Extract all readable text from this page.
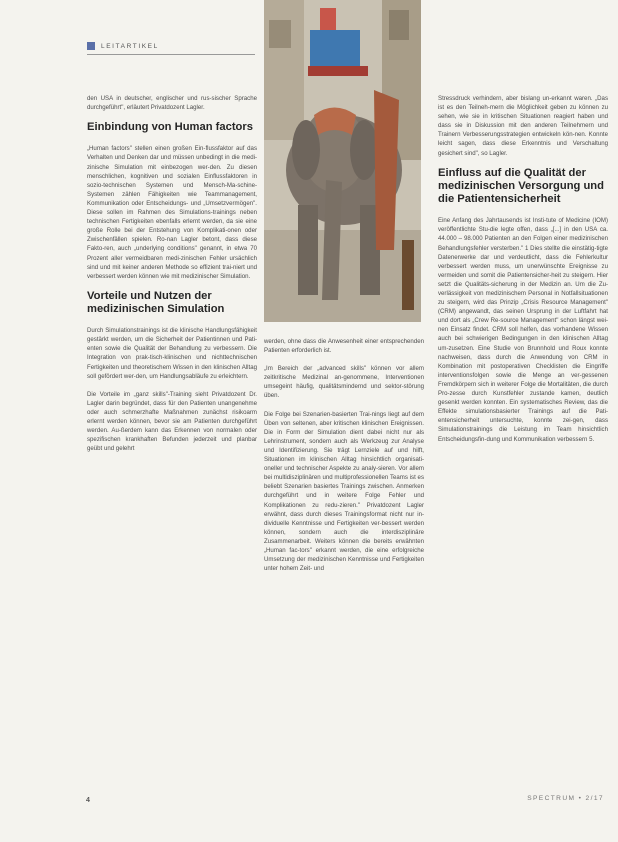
LEITARTIKEL

den USA in deutscher, englischer und rus-sischer Sprache durchgeführt", erläutert Privatdozent Lagler.

Einbindung von Human factors

„Human factors" stellen einen großen Ein-flussfaktor auf das Verhalten und Denken dar und müssen unbedingt in die medi-zinische Simulation mit einbezogen wer-den. Zu diesen menschlichen, kognitiven und sozialen Einflussfaktoren in sozio-technischen Systemen und Mensch-Ma-schine-Systemen zählen Fähigkeiten wie Teammanagement, Kommunikation oder Entscheidungs- und „Umsetzvermögen". Diese sollen im Rahmen des Simulations-trainings neben technischen Fertigkeiten ebenfalls erlernt werden, da sie eine große Rolle bei der Entstehung von Komplikati-onen oder Zwischenfällen spielen. Ro-nan Lagler betont, dass diese Fakto-ren, auch „underlying conditions" genannt, in etwa 70 Prozent aller vermeidbaren medi-zinischen Fehler ursächlich sind und mit keiner anderen Methode so effizient trai-niert und verbessert werden können wie mit medizinischer Simulation.

Vorteile und Nutzen der medizinischen Simulation

Durch Simulationstrainings ist die klinische Handlungsfähigkeit gestärkt werden, um die Sicherheit der Patientinnen und Pati-enten sowie die Qualität der Behandlung zu verbessern. Die Integration von prak-tisch-klinischen und nichttechnischen Fertigkeiten und theoretischem Wissen in den klinischen Alltag soll gefördert wer-den, um Handlungsabläufe zu erleichtern.

Die Vorteile im „ganz skills"-Training sieht Privatdozent Dr. Lagler darin begründet, dass für den Patienten unangenehme oder auch schmerzhafte Maßnahmen zunächst risikoarm erlernt werden können, bevor sie am Patienten durchgeführt werden. Au-ßerdem kann das Erkennen von normalen oder spezifischen krankhaften Befunden jederzeit und planbar geübt und gelehrt

werden, ohne dass die Anwesenheit einer entsprechenden Patienten erforderlich ist.

„Im Bereich der „advanced skills" können vor allem zeitkritische Medizinal an-genommene, Interventionen umsegeint häufig, qualitätsmindernd und sektor-störung üben.

Die Folge bei Szenarien-basierten Trai-nings liegt auf dem Üben von seltenen, aber kritischen klinischen Ereignissen. Die in Form der Simulation dient dabei nicht nur als Lehrinstrument, sondern auch als Werkzeug zur Analyse und Identifizierung. Sie trägt Lernziele auf und hilft, Situationen im klinischen Alltag hinsichtlich organisati-oneller und technischer Aspekte zu analy-sieren. Vor allem bei multidisziplinären und multiprofessionellen Teams ist es beliebt Szenarien basiertes Trainings zwischen. Anmerken durchgeführt und in weitere Folge Fehler und Komplikationen zu redu-zieren." Privatdozent Lagler erwähnt, dass durch dieses Trainingsformat nicht nur in-dividuelle Kenntnisse und Fertigkeiten ver-bessert werden können, sondern auch die interdisziplinäre Zusammenarbeit. Weiters können die bereits erwähnten „Human fac-tors" erkannt werden, die eine erfolgreiche Umsetzung der medizinischen Kenntnisse und Fertigkeiten unter hohem Zeit- und

Stressdruck verhindern, aber bislang un-erkannt waren. „Das ist es den Teilneh-mern die Möglichkeit geben zu können zu sehen, wie sie in kritischen Situationen reagiert haben und dass sie in Diskussion mit den anderen Teilnehmern und Trainern Verbesserungsstrategien entwickeln kön-nen. Konnte leicht sagen, dass diese Erkenntnis und Verschaltung gesichert sind", so Lagler.

Einfluss auf die Qualität der medizinischen Versorgung und die Patientensicherheit

Eine Anfang des Jahrtausends ist Insti-tute of Medicine (IOM) veröffentlichte Stu-die legte offen, dass „[...] in den USA ca. 44.000 – 98.000 Patienten an den Folgen einer medizinischen Behandlungsfehler versterben." 1 Dies stellte die einstätig-tigte Datenerwerke dar und verdeutlicht, dass die Fehlerkultur verbessert werden muss, um unerwünschte Ereignisse zu vermeiden und somit die Patientensicher-heit zu steigern. Hier setzt die Qualitäts-sicherung in der Medizin an. Um die Zu-verlässigkeit von medizinischem Personal in Notfallsituationen zu steigern, wird das Prinzip „Crisis Resource Management" (CRM) angewandt, das seinen Ursprung in der Luftfahrt hat und dort als „Crew Re-source Management" schon längst wei-nen Einsatz findet. CRM soll helfen, das vorhandene Wissen auch bei schwierigen Bedingungen in den klinischen Alltag um-zusetzen. Eine Studie von Brunnhold und Roux konnte nachweisen, dass durch die Anwendung von CRM in Kombination mit postoperativen Checklisten die Eingriffe interventionsfolgen sowie die Menge an ver-gessenen Fremdkörpern sich in weiterer Folge die Mortalitäten, die durch Pro-zesse durch Kunstfehler zustande kamen, deutlich gesenkt werden konnten. Ein systematisches Review, das die Effekte simulationsbasierter Trainings auf die Pati-entensicherheit untersuchte, konnte zei-gen, dass Simulationstrainings die Leistung im Team hinsichtlich Entscheidungsfin-dung und Kommunikation verbessern 5.

4	SPECTRUM • 2/17
